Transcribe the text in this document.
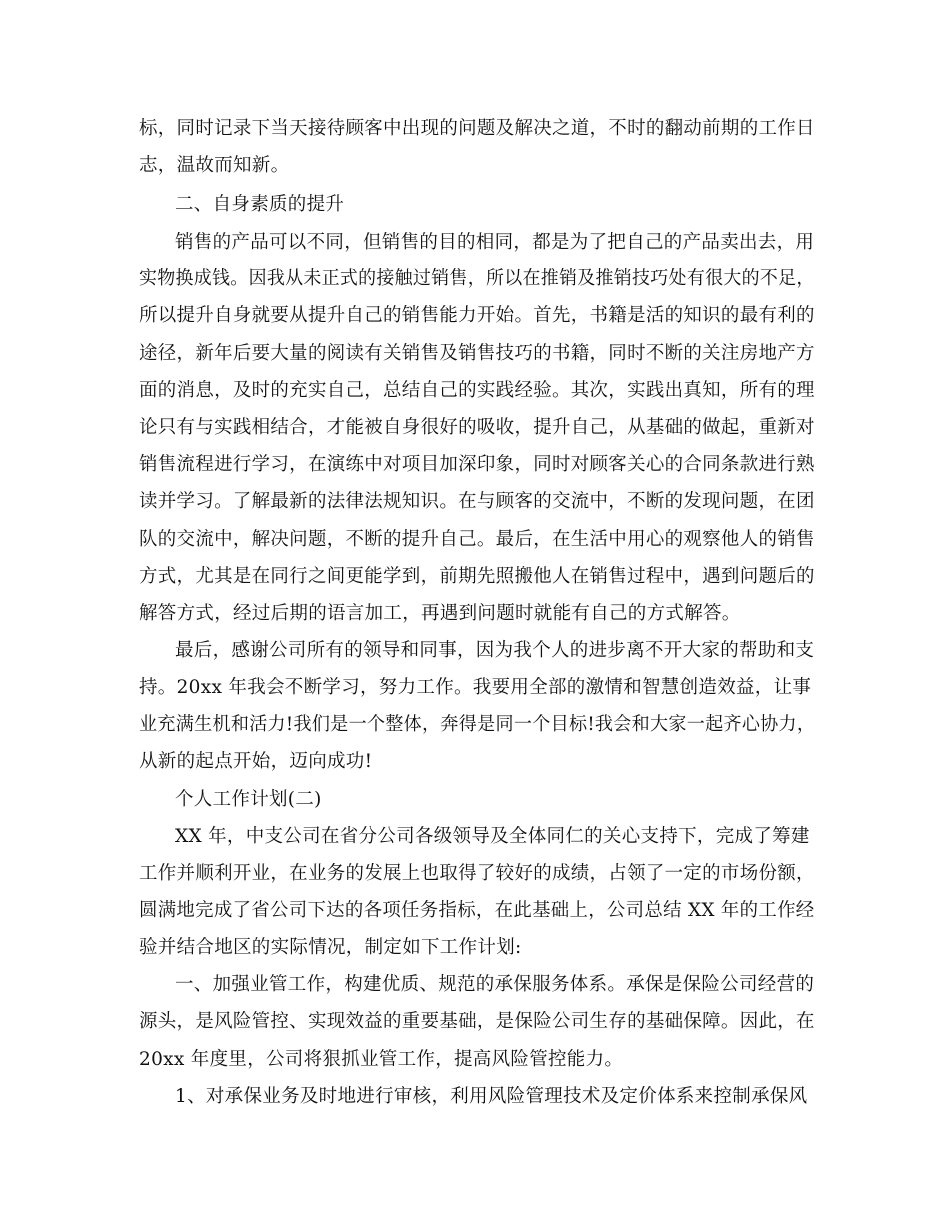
标，同时记录下当天接待顾客中出现的问题及解决之道，不时的翻动前期的工作日
志，温故而知新。
二、自身素质的提升
销售的产品可以不同，但销售的目的相同，都是为了把自己的产品卖出去，用
实物换成钱。因我从未正式的接触过销售，所以在推销及推销技巧处有很大的不足，
所以提升自身就要从提升自己的销售能力开始。首先，书籍是活的知识的最有利的
途径，新年后要大量的阅读有关销售及销售技巧的书籍，同时不断的关注房地产方
面的消息，及时的充实自己，总结自己的实践经验。其次，实践出真知，所有的理
论只有与实践相结合，才能被自身很好的吸收，提升自己，从基础的做起，重新对
销售流程进行学习，在演练中对项目加深印象，同时对顾客关心的合同条款进行熟
读并学习。了解最新的法律法规知识。在与顾客的交流中，不断的发现问题，在团
队的交流中，解决问题，不断的提升自己。最后，在生活中用心的观察他人的销售
方式，尤其是在同行之间更能学到，前期先照搬他人在销售过程中，遇到问题后的
解答方式，经过后期的语言加工，再遇到问题时就能有自己的方式解答。
最后，感谢公司所有的领导和同事，因为我个人的进步离不开大家的帮助和支
持。20xx 年我会不断学习，努力工作。我要用全部的激情和智慧创造效益，让事
业充满生机和活力!我们是一个整体，奔得是同一个目标!我会和大家一起齐心协力，
从新的起点开始，迈向成功!
个人工作计划(二)
XX 年，中支公司在省分公司各级领导及全体同仁的关心支持下，完成了筹建
工作并顺利开业，在业务的发展上也取得了较好的成绩，占领了一定的市场份额，
圆满地完成了省公司下达的各项任务指标，在此基础上，公司总结 XX 年的工作经
验并结合地区的实际情况，制定如下工作计划:
一、加强业管工作，构建优质、规范的承保服务体系。承保是保险公司经营的
源头，是风险管控、实现效益的重要基础，是保险公司生存的基础保障。因此，在
20xx 年度里，公司将狠抓业管工作，提高风险管控能力。
1、对承保业务及时地进行审核，利用风险管理技术及定价体系来控制承保风
